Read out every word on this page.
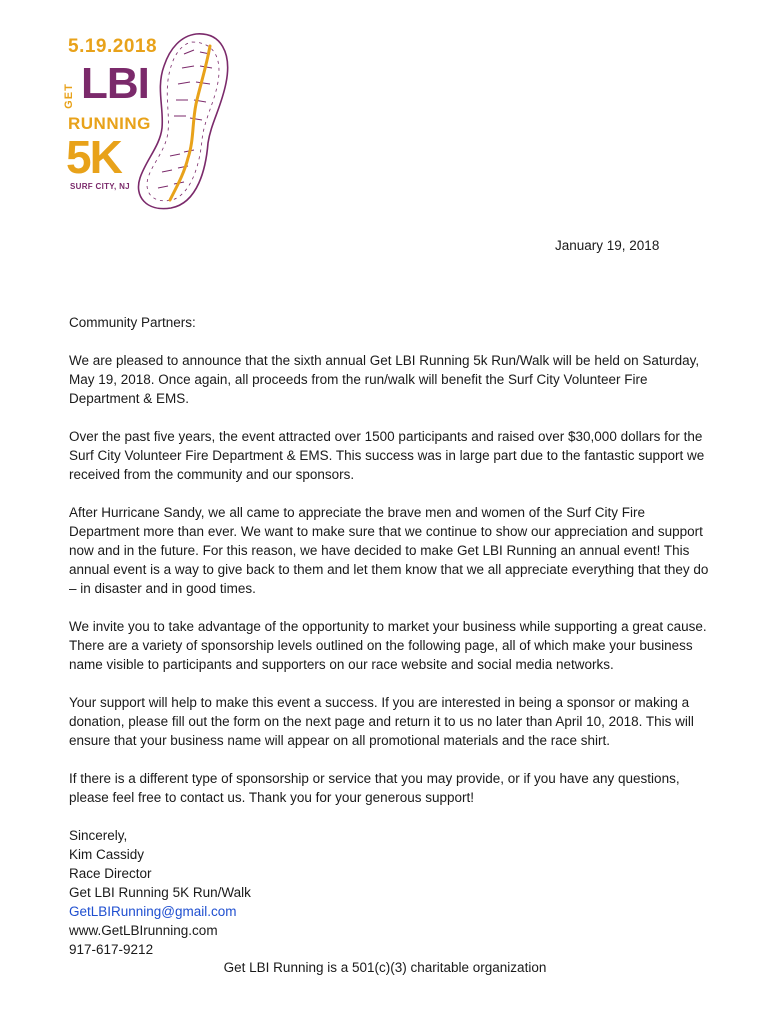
5.19.2018
GET LBI
RUNNING
5K
SURF CITY, NJ
January 19, 2018

Community Partners:

We are pleased to announce that the sixth annual Get LBI Running 5k Run/Walk will be held on Saturday, May 19, 2018. Once again, all proceeds from the run/walk will benefit the Surf City Volunteer Fire Department & EMS.

Over the past five years, the event attracted over 1500 participants and raised over $30,000 dollars for the Surf City Volunteer Fire Department & EMS. This success was in large part due to the fantastic support we received from the community and our sponsors.

After Hurricane Sandy, we all came to appreciate the brave men and women of the Surf City Fire Department more than ever. We want to make sure that we continue to show our appreciation and support now and in the future. For this reason, we have decided to make Get LBI Running an annual event! This annual event is a way to give back to them and let them know that we all appreciate everything that they do – in disaster and in good times.

We invite you to take advantage of the opportunity to market your business while supporting a great cause. There are a variety of sponsorship levels outlined on the following page, all of which make your business name visible to participants and supporters on our race website and social media networks.

Your support will help to make this event a success. If you are interested in being a sponsor or making a donation, please fill out the form on the next page and return it to us no later than April 10, 2018. This will ensure that your business name will appear on all promotional materials and the race shirt.

If there is a different type of sponsorship or service that you may provide, or if you have any questions, please feel free to contact us. Thank you for your generous support!

Sincerely,
Kim Cassidy
Race Director
Get LBI Running 5K Run/Walk
GetLBIRunning@gmail.com
www.GetLBIrunning.com
917-617-9212
Get LBI Running is a 501(c)(3) charitable organization
